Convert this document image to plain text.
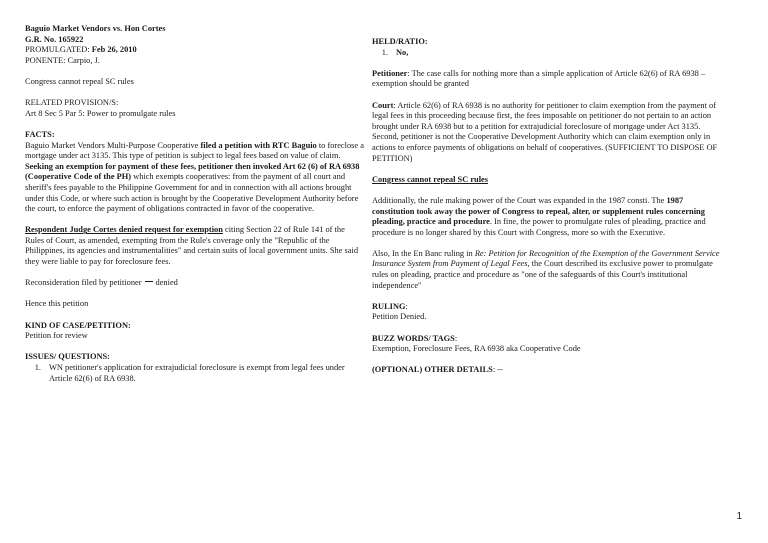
Baguio Market Vendors vs. Hon Cortes

G.R. No. 165922

PROMULGATED: Feb 26, 2010

PONENTE: Carpio, J.

Congress cannot repeal SC rules

RELATED PROVISION/S:

Art 8 Sec 5 Par 5: Power to promulgate rules

FACTS:

Baguio Market Vendors Multi-Purpose Cooperative filed a petition with RTC Baguio to foreclose a mortgage under act 3135. This type of petition is subject to legal fees based on value of claim. Seeking an exemption for payment of these fees, petitioner then invoked Art 62 (6) of RA 6938 (Cooperative Code of the PH) which exempts cooperatives: from the payment of all court and sheriff's fees payable to the Philippine Government for and in connection with all actions brought under this Code, or where such action is brought by the Cooperative Development Authority before the court, to enforce the payment of obligations contracted in favor of the cooperative.

Respondent Judge Cortes denied request for exemption citing Section 22 of Rule 141 of the Rules of Court, as amended, exempting from the Rule's coverage only the "Republic of the Philippines, its agencies and instrumentalities" and certain suits of local government units. She said they were liable to pay for foreclosure fees.

Reconsideration filed by petitioner denied

Hence this petition

KIND OF CASE/PETITION:

Petition for review

ISSUES/ QUESTIONS:

1. WN petitioner's application for extrajudicial foreclosure is exempt from legal fees under Article 62(6) of RA 6938.

HELD/RATIO:

1. No,

Petitioner: The case calls for nothing more than a simple application of Article 62(6) of RA 6938 – exemption should be granted

Court: Article 62(6) of RA 6938 is no authority for petitioner to claim exemption from the payment of legal fees in this proceeding because first, the fees imposable on petitioner do not pertain to an action brought under RA 6938 but to a petition for extrajudicial foreclosure of mortgage under Act 3135. Second, petitioner is not the Cooperative Development Authority which can claim exemption only in actions to enforce payments of obligations on behalf of cooperatives. (SUFFICIENT TO DISPOSE OF PETITION)

Congress cannot repeal SC rules

Additionally, the rule making power of the Court was expanded in the 1987 consti. The 1987 constitution took away the power of Congress to repeal, alter, or supplement rules concerning pleading, practice and procedure. In fine, the power to promulgate rules of pleading, practice and procedure is no longer shared by this Court with Congress, more so with the Executive.

Also, In the En Banc ruling in Re: Petition for Recognition of the Exemption of the Government Service Insurance System from Payment of Legal Fees, the Court described its exclusive power to promulgate rules on pleading, practice and procedure as "one of the safeguards of this Court's institutional independence"

RULING:

Petition Denied.

BUZZ WORDS/ TAGS:

Exemption, Foreclosure Fees, RA 6938 aka Cooperative Code

(OPTIONAL) OTHER DETAILS: --

1
